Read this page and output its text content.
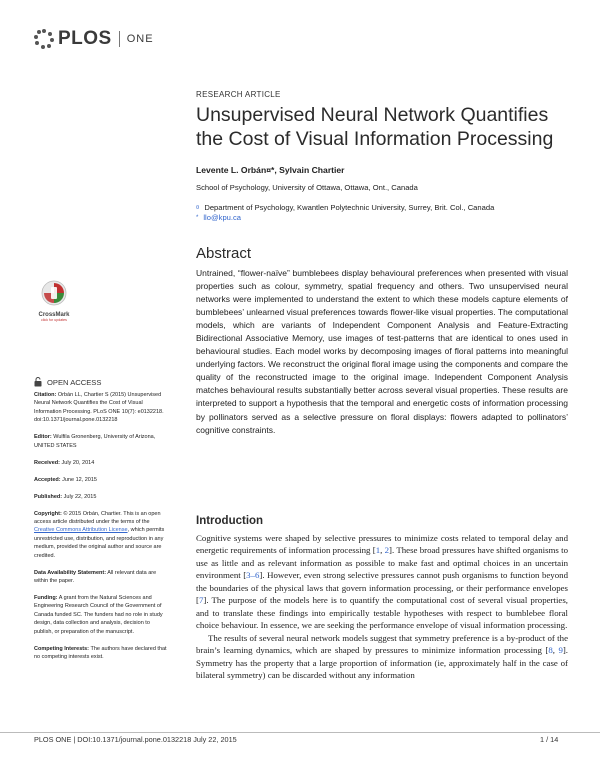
PLOS ONE
RESEARCH ARTICLE
Unsupervised Neural Network Quantifies the Cost of Visual Information Processing
Levente L. Orbán¤*, Sylvain Chartier
School of Psychology, University of Ottawa, Ottawa, Ont., Canada
¤ Department of Psychology, Kwantlen Polytechnic University, Surrey, Brit. Col., Canada
* llo@kpu.ca
Abstract
Untrained, “flower-naïve” bumblebees display behavioural preferences when presented with visual properties such as colour, symmetry, spatial frequency and others. Two unsupervised neural networks were implemented to understand the extent to which these models capture elements of bumblebees’ unlearned visual preferences towards flower-like visual properties. The computational models, which are variants of Independent Component Analysis and Feature-Extracting Bidirectional Associative Memory, use images of test-patterns that are identical to ones used in behavioural studies. Each model works by decomposing images of floral patterns into meaningful underlying factors. We reconstruct the original floral image using the components and compare the quality of the reconstructed image to the original image. Independent Component Analysis matches behavioural results substantially better across several visual properties. These results are interpreted to support a hypothesis that the temporal and energetic costs of information processing by pollinators served as a selective pressure on floral displays: flowers adapted to pollinators’ cognitive constraints.
CrossMark
click for updates
OPEN ACCESS

Citation: Orbán LL, Chartier S (2015) Unsupervised Neural Network Quantifies the Cost of Visual Information Processing. PLoS ONE 10(7): e0132218. doi:10.1371/journal.pone.0132218

Editor: Wulfila Gronenberg, University of Arizona, UNITED STATES

Received: July 20, 2014

Accepted: June 12, 2015

Published: July 22, 2015

Copyright: © 2015 Orbán, Chartier. This is an open access article distributed under the terms of the Creative Commons Attribution License, which permits unrestricted use, distribution, and reproduction in any medium, provided the original author and source are credited.

Data Availability Statement: All relevant data are within the paper.

Funding: A grant from the Natural Sciences and Engineering Research Council of the Government of Canada funded SC. The funders had no role in study design, data collection and analysis, decision to publish, or preparation of the manuscript.

Competing Interests: The authors have declared that no competing interests exist.

Introduction

Cognitive systems were shaped by selective pressures to minimize costs related to temporal delay and energetic requirements of information processing [1, 2]. These broad pressures have shifted organisms to use as little and as relevant information as possible to make fast and optimal choices in an uncertain environment [3–6]. However, even strong selective pressures cannot push organisms to function beyond the boundaries of the physical laws that govern information processing, or their performance envelopes [7]. The purpose of the models here is to quantify the computational cost of several visual properties, and to translate these findings into empirically testable hypotheses with respect to bumblebee floral choice behaviour. In essence, we are seeking the performance envelope of visual information processing.

The results of several neural network models suggest that symmetry preference is a by-product of the brain’s learning dynamics, which are shaped by pressures to minimize information processing [8, 9]. Symmetry has the property that a large proportion of information (ie, approximately half in the case of bilateral symmetry) can be discarded without any information

PLOS ONE | DOI:10.1371/journal.pone.0132218 July 22, 2015	1 / 14
